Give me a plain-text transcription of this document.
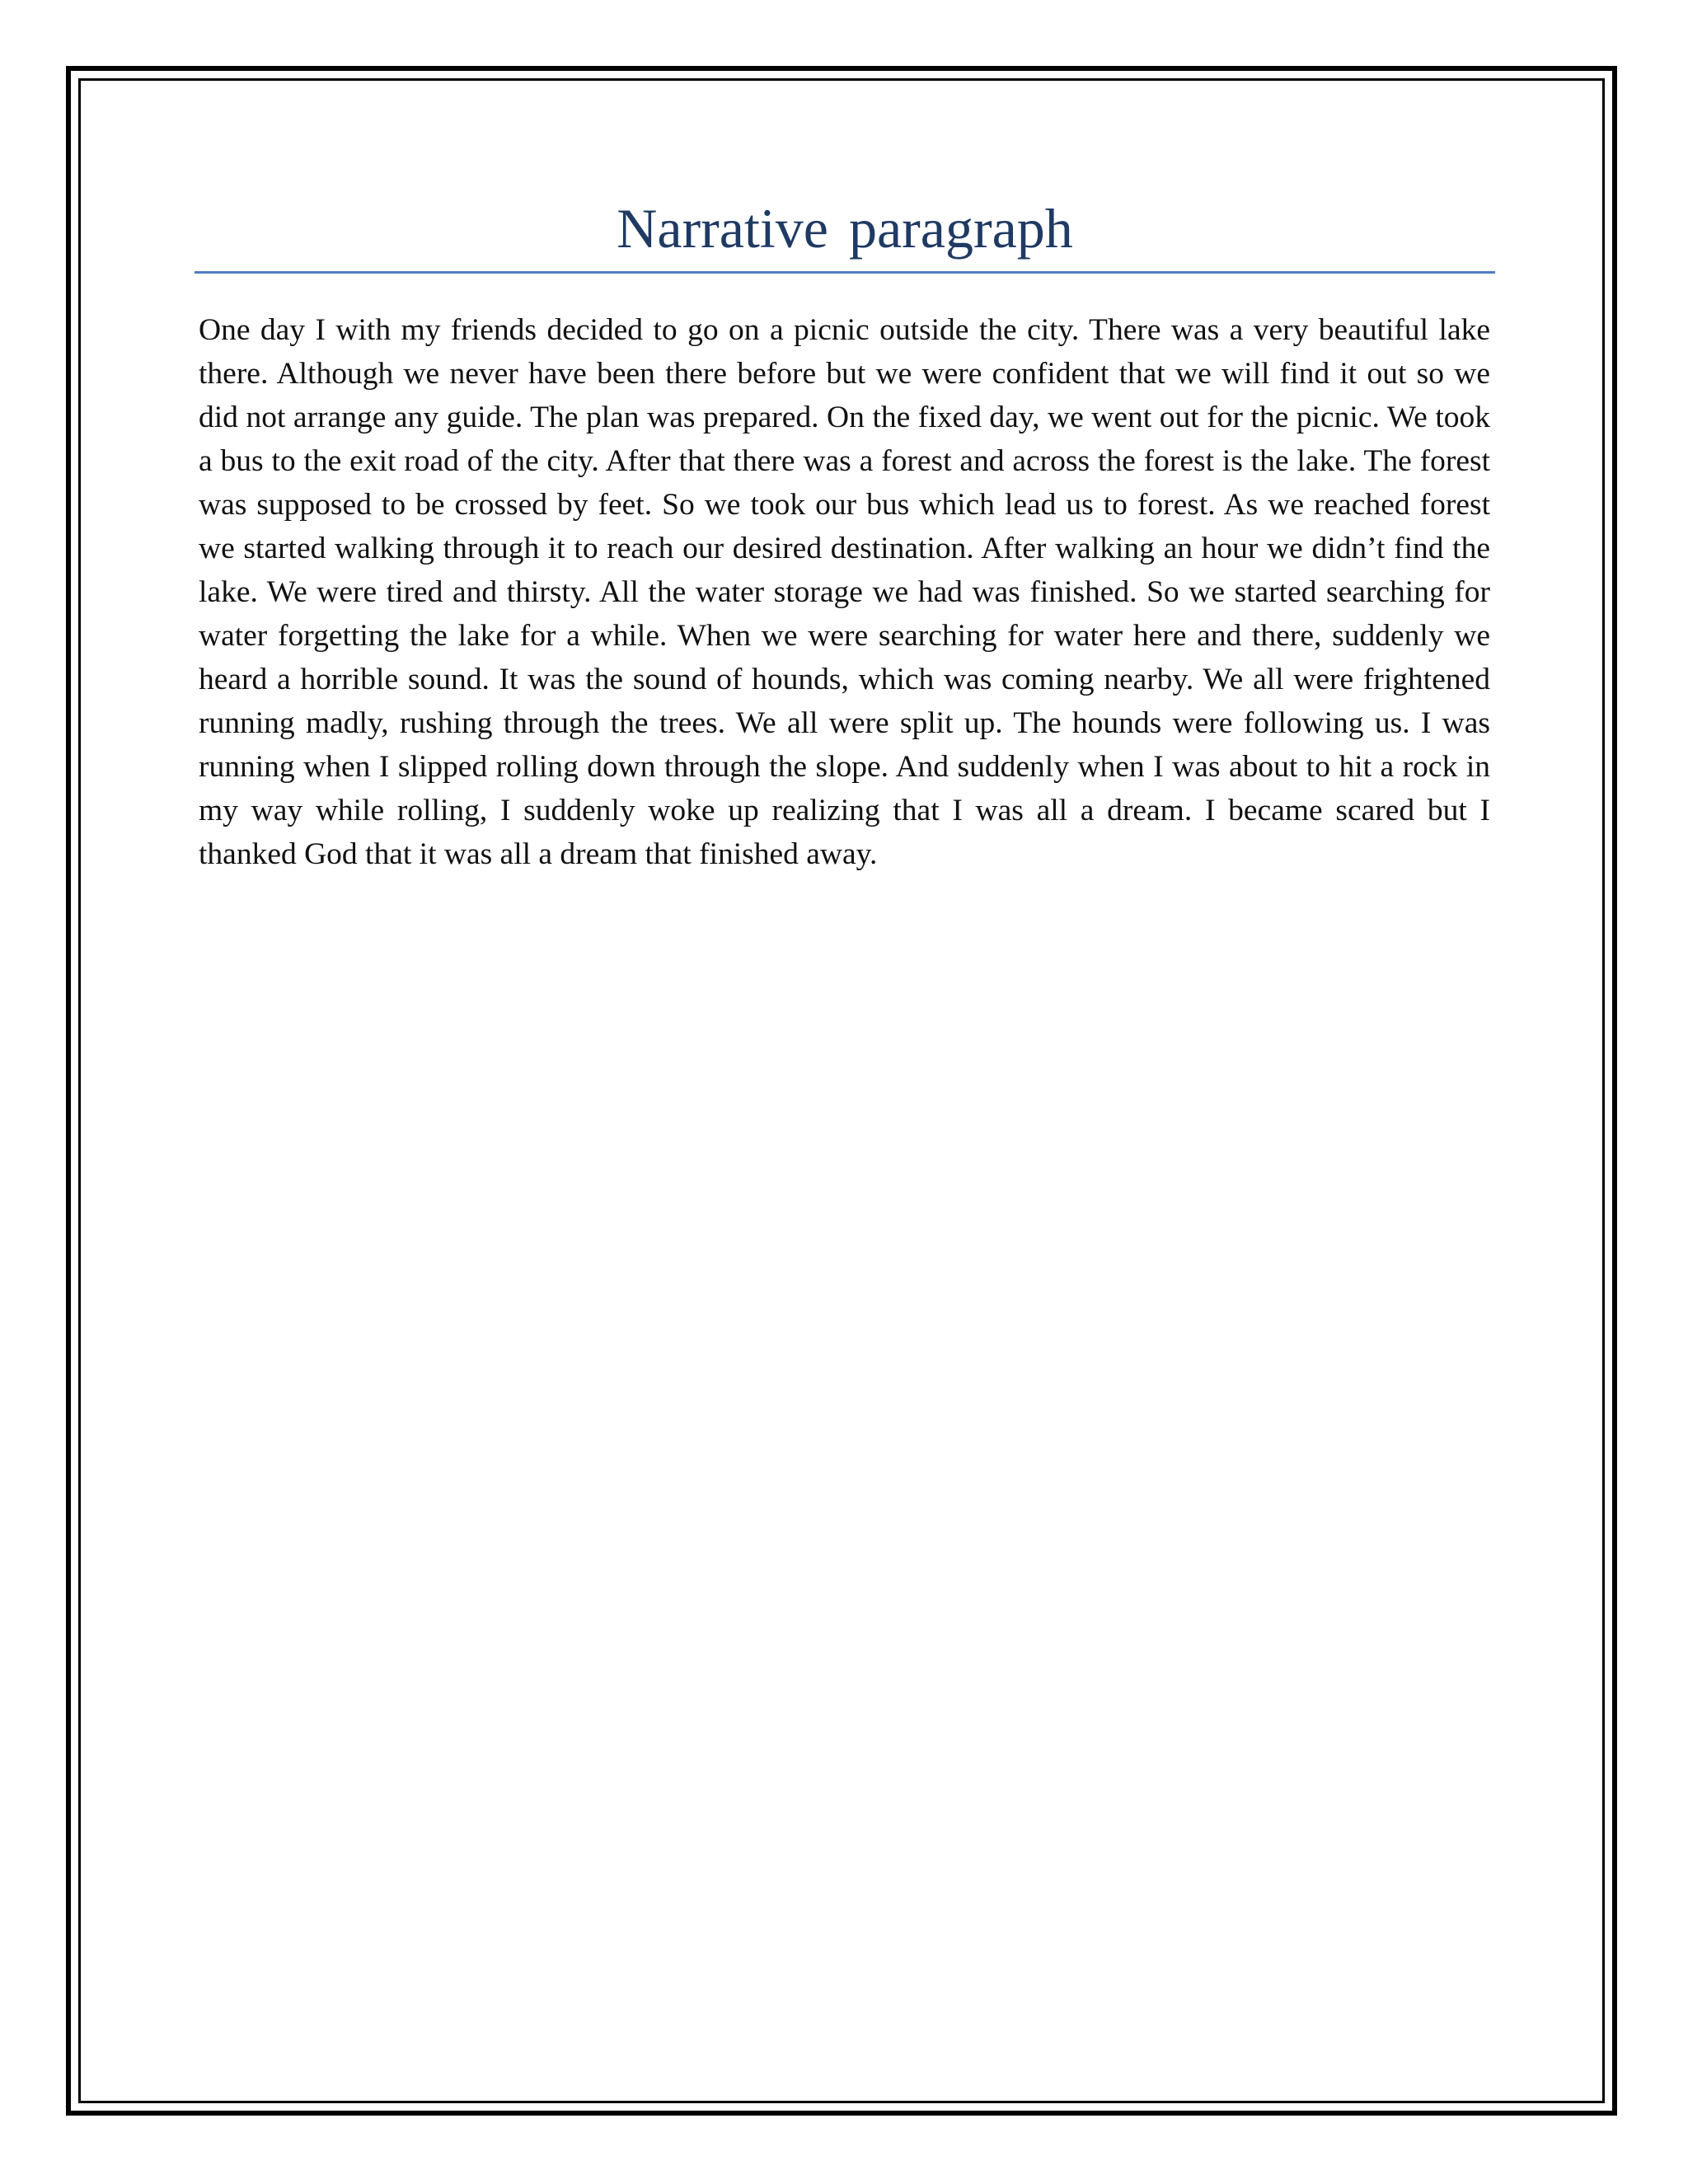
Narrative paragraph

One day I with my friends decided to go on a picnic outside the city. There was a very beautiful lake there. Although we never have been there before but we were confident that we will find it out so we did not arrange any guide. The plan was prepared. On the fixed day, we went out for the picnic. We took a bus to the exit road of the city. After that there was a forest and across the forest is the lake. The forest was supposed to be crossed by feet. So we took our bus which lead us to forest. As we reached forest we started walking through it to reach our desired destination. After walking an hour we didn’t find the lake. We were tired and thirsty. All the water storage we had was finished. So we started searching for water forgetting the lake for a while. When we were searching for water here and there, suddenly we heard a horrible sound. It was the sound of hounds, which was coming nearby. We all were frightened running madly, rushing through the trees. We all were split up. The hounds were following us. I was running when I slipped rolling down through the slope. And suddenly when I was about to hit a rock in my way while rolling, I suddenly woke up realizing that I was all a dream. I became scared but I thanked God that it was all a dream that finished away.
